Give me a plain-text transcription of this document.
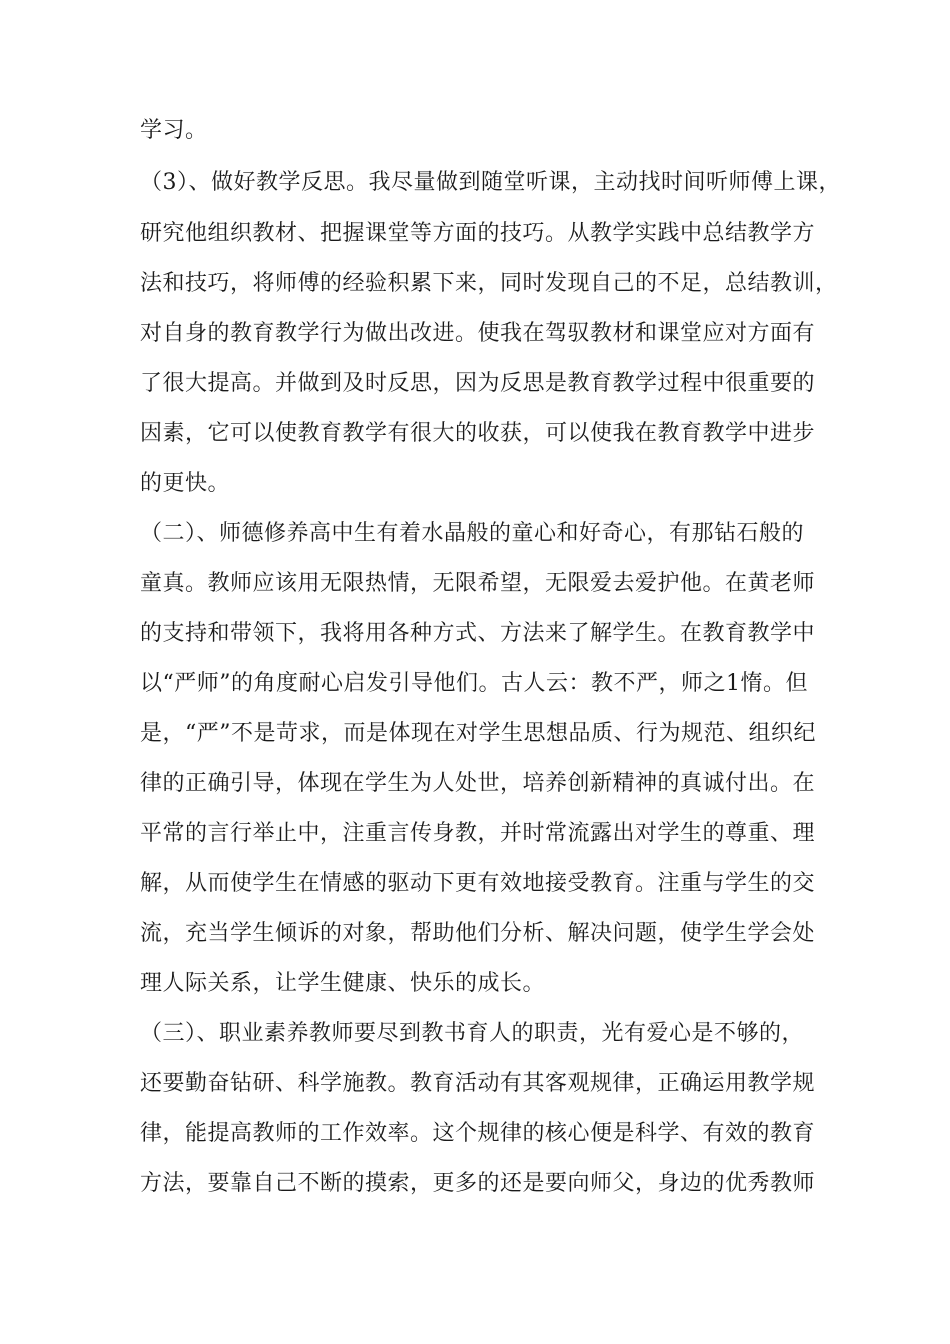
学习。
（3）、做好教学反思。我尽量做到随堂听课，主动找时间听师傅上课，
研究他组织教材、把握课堂等方面的技巧。从教学实践中总结教学方
法和技巧，将师傅的经验积累下来，同时发现自己的不足，总结教训，
对自身的教育教学行为做出改进。使我在驾驭教材和课堂应对方面有
了很大提高。并做到及时反思，因为反思是教育教学过程中很重要的
因素，它可以使教育教学有很大的收获，可以使我在教育教学中进步
的更快。
（二）、师德修养高中生有着水晶般的童心和好奇心，有那钻石般的
童真。教师应该用无限热情，无限希望，无限爱去爱护他。在黄老师
的支持和带领下，我将用各种方式、方法来了解学生。在教育教学中
以“严师”的角度耐心启发引导他们。古人云：教不严，师之1惰。但
是，“严”不是苛求，而是体现在对学生思想品质、行为规范、组织纪
律的正确引导，体现在学生为人处世，培养创新精神的真诚付出。在
平常的言行举止中，注重言传身教，并时常流露出对学生的尊重、理
解，从而使学生在情感的驱动下更有效地接受教育。注重与学生的交
流，充当学生倾诉的对象，帮助他们分析、解决问题，使学生学会处
理人际关系，让学生健康、快乐的成长。
（三）、职业素养教师要尽到教书育人的职责，光有爱心是不够的，
还要勤奋钻研、科学施教。教育活动有其客观规律，正确运用教学规
律，能提高教师的工作效率。这个规律的核心便是科学、有效的教育
方法，要靠自己不断的摸索，更多的还是要向师父，身边的优秀教师
